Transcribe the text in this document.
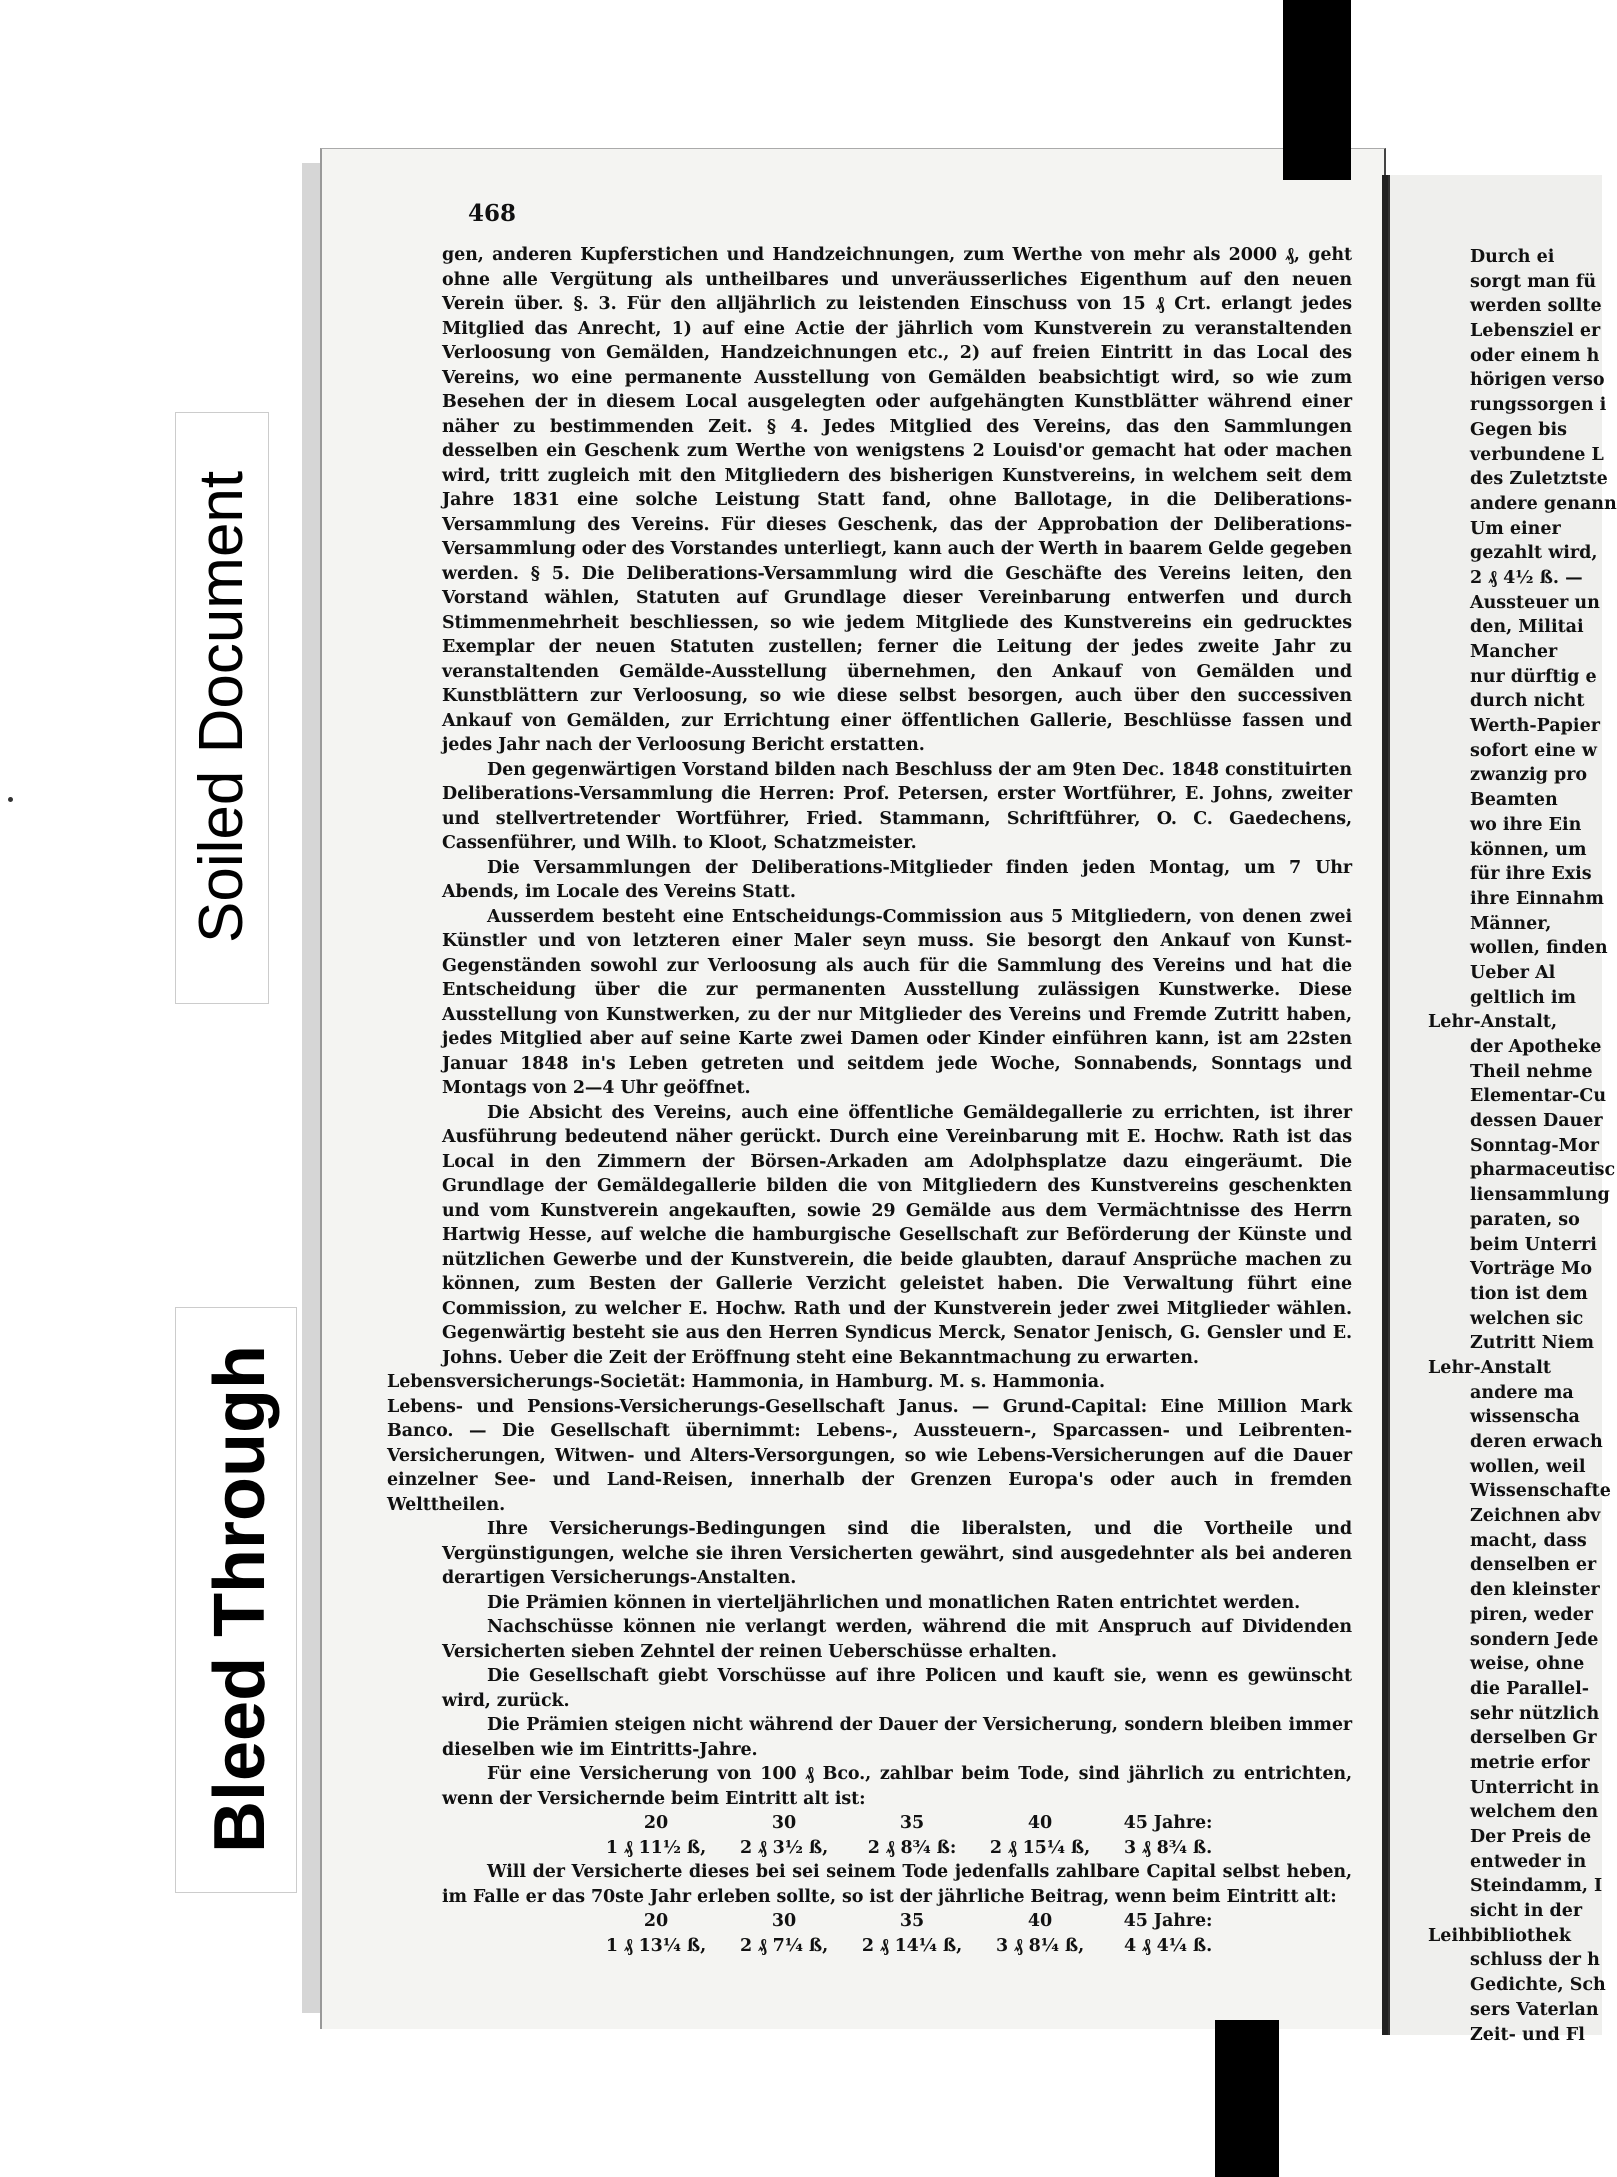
Soiled Document
Bleed Through
468

gen, anderen Kupferstichen und Handzeichnungen, zum Werthe von mehr als 2000 ₰, geht ohne alle Vergütung als untheilbares und unveräusserliches Eigenthum auf den neuen Verein über. §. 3. Für den alljährlich zu leistenden Einschuss von 15 ₰ Crt. erlangt jedes Mitglied das Anrecht, 1) auf eine Actie der jährlich vom Kunstverein zu veranstaltenden Verloosung von Gemälden, Handzeichnungen etc., 2) auf freien Eintritt in das Local des Vereins, wo eine permanente Ausstellung von Gemälden beabsichtigt wird, so wie zum Besehen der in diesem Local ausgelegten oder aufgehängten Kunstblätter während einer näher zu bestimmenden Zeit. § 4. Jedes Mitglied des Vereins, das den Sammlungen desselben ein Geschenk zum Werthe von wenigstens 2 Louisd'or gemacht hat oder machen wird, tritt zugleich mit den Mitgliedern des bisherigen Kunstvereins, in welchem seit dem Jahre 1831 eine solche Leistung Statt fand, ohne Ballotage, in die Deliberations-Versammlung des Vereins. Für dieses Geschenk, das der Approbation der Deliberations-Versammlung oder des Vorstandes unterliegt, kann auch der Werth in baarem Gelde gegeben werden. § 5. Die Deliberations-Versammlung wird die Geschäfte des Vereins leiten, den Vorstand wählen, Statuten auf Grundlage dieser Vereinbarung entwerfen und durch Stimmenmehrheit beschliessen, so wie jedem Mitgliede des Kunstvereins ein gedrucktes Exemplar der neuen Statuten zustellen; ferner die Leitung der jedes zweite Jahr zu veranstaltenden Gemälde-Ausstellung übernehmen, den Ankauf von Gemälden und Kunstblättern zur Verloosung, so wie diese selbst besorgen, auch über den successiven Ankauf von Gemälden, zur Errichtung einer öffentlichen Gallerie, Beschlüsse fassen und jedes Jahr nach der Verloosung Bericht erstatten.

Den gegenwärtigen Vorstand bilden nach Beschluss der am 9ten Dec. 1848 constituirten Deliberations-Versammlung die Herren: Prof. Petersen, erster Wortführer, E. Johns, zweiter und stellvertretender Wortführer, Fried. Stammann, Schriftführer, O. C. Gaedechens, Cassenführer, und Wilh. to Kloot, Schatzmeister.

Die Versammlungen der Deliberations-Mitglieder finden jeden Montag, um 7 Uhr Abends, im Locale des Vereins Statt.

Ausserdem besteht eine Entscheidungs-Commission aus 5 Mitgliedern, von denen zwei Künstler und von letzteren einer Maler seyn muss. Sie besorgt den Ankauf von Kunst-Gegenständen sowohl zur Verloosung als auch für die Sammlung des Vereins und hat die Entscheidung über die zur permanenten Ausstellung zulässigen Kunstwerke. Diese Ausstellung von Kunstwerken, zu der nur Mitglieder des Vereins und Fremde Zutritt haben, jedes Mitglied aber auf seine Karte zwei Damen oder Kinder einführen kann, ist am 22sten Januar 1848 in's Leben getreten und seitdem jede Woche, Sonnabends, Sonntags und Montags von 2—4 Uhr geöffnet.

Die Absicht des Vereins, auch eine öffentliche Gemäldegallerie zu errichten, ist ihrer Ausführung bedeutend näher gerückt. Durch eine Vereinbarung mit E. Hochw. Rath ist das Local in den Zimmern der Börsen-Arkaden am Adolphsplatze dazu eingeräumt. Die Grundlage der Gemäldegallerie bilden die von Mitgliedern des Kunstvereins geschenkten und vom Kunstverein angekauften, sowie 29 Gemälde aus dem Vermächtnisse des Herrn Hartwig Hesse, auf welche die hamburgische Gesellschaft zur Beförderung der Künste und nützlichen Gewerbe und der Kunstverein, die beide glaubten, darauf Ansprüche machen zu können, zum Besten der Gallerie Verzicht geleistet haben. Die Verwaltung führt eine Commission, zu welcher E. Hochw. Rath und der Kunstverein jeder zwei Mitglieder wählen. Gegenwärtig besteht sie aus den Herren Syndicus Merck, Senator Jenisch, G. Gensler und E. Johns. Ueber die Zeit der Eröffnung steht eine Bekanntmachung zu erwarten.

Lebensversicherungs-Societät: Hammonia, in Hamburg. M. s. Hammonia.

Lebens- und Pensions-Versicherungs-Gesellschaft Janus. — Grund-Capital: Eine Million Mark Banco. — Die Gesellschaft übernimmt: Lebens-, Aussteuern-, Sparcassen- und Leibrenten-Versicherungen, Witwen- und Alters-Versorgungen, so wie Lebens-Versicherungen auf die Dauer einzelner See- und Land-Reisen, innerhalb der Grenzen Europa's oder auch in fremden Welttheilen.

Ihre Versicherungs-Bedingungen sind die liberalsten, und die Vortheile und Vergünstigungen, welche sie ihren Versicherten gewährt, sind ausgedehnter als bei anderen derartigen Versicherungs-Anstalten.

Die Prämien können in vierteljährlichen und monatlichen Raten entrichtet werden.

Nachschüsse können nie verlangt werden, während die mit Anspruch auf Dividenden Versicherten sieben Zehntel der reinen Ueberschüsse erhalten.

Die Gesellschaft giebt Vorschüsse auf ihre Policen und kauft sie, wenn es gewünscht wird, zurück.

Die Prämien steigen nicht während der Dauer der Versicherung, sondern bleiben immer dieselben wie im Eintritts-Jahre.

Für eine Versicherung von 100 ₰ Bco., zahlbar beim Tode, sind jährlich zu entrichten, wenn der Versichernde beim Eintritt alt ist:

20	30	35	40	45 Jahre:
1 ₰ 11½ ß,	2 ₰ 3½ ß,	2 ₰ 8¾ ß:	2 ₰ 15¼ ß,	3 ₰ 8¾ ß.

Will der Versicherte dieses bei sei seinem Tode jedenfalls zahlbare Capital selbst heben, im Falle er das 70ste Jahr erleben sollte, so ist der jährliche Beitrag, wenn beim Eintritt alt:

20	30	35	40	45 Jahre:
1 ₰ 13¼ ß,	2 ₰ 7¼ ß,	2 ₰ 14¼ ß,	3 ₰ 8¼ ß,	4 ₰ 4¼ ß.
Durch ei
sorgt man fü
werden sollte
Lebensziel er
oder einem h
hörigen verso
rungssorgen i
Gegen bis
verbundene L
des Zuletztste
andere genann
Um einer
gezahlt wird,
2 ₰ 4½ ß. —
Aussteuer un
den, Militai
Mancher
nur dürftig e
durch nicht
Werth-Papier
sofort eine w
zwanzig pro
Beamten
wo ihre Ein
können, um
für ihre Exis
ihre Einnahm
Männer,
wollen, finden
Ueber Al
geltlich im
Lehr-Anstalt,
der Apotheke
Theil nehme
Elementar-Cu
dessen Dauer
Sonntag-Mor
pharmaceutisc
liensammlung
paraten, so
beim Unterri
Vorträge Mo
tion ist dem
welchen sic
Zutritt Niem
Lehr-Anstalt
andere ma
wissenscha
deren erwach
wollen, weil
Wissenschafte
Zeichnen abv
macht, dass
denselben er
den kleinster
piren, weder
sondern Jede
weise, ohne
die Parallel-
sehr nützlich
derselben Gr
metrie erfor
Unterricht in
welchem den
Der Preis de
entweder in
Steindamm, I
sicht in der
Leihbibliothek
schluss der h
Gedichte, Sch
sers Vaterlan
Zeit- und Fl
